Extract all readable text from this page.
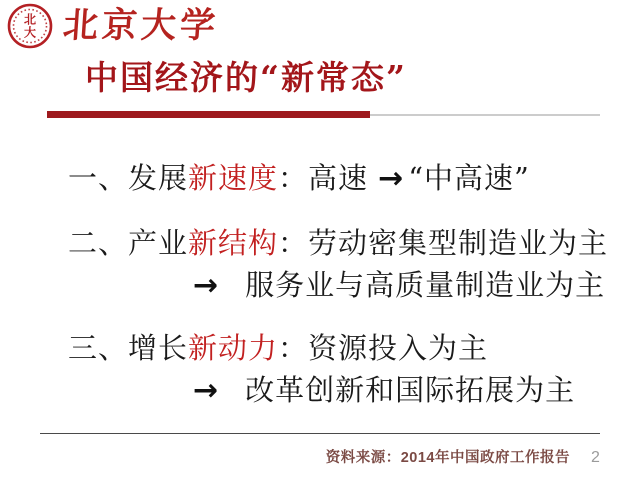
北
大 北京大学
中国经济的“新常态”
一、发展新速度：高速 → “中高速”
二、产业新结构：劳动密集型制造业为主
→ 服务业与高质量制造业为主
三、增长新动力：资源投入为主
→ 改革创新和国际拓展为主
资料来源：2014年中国政府工作报告 2
